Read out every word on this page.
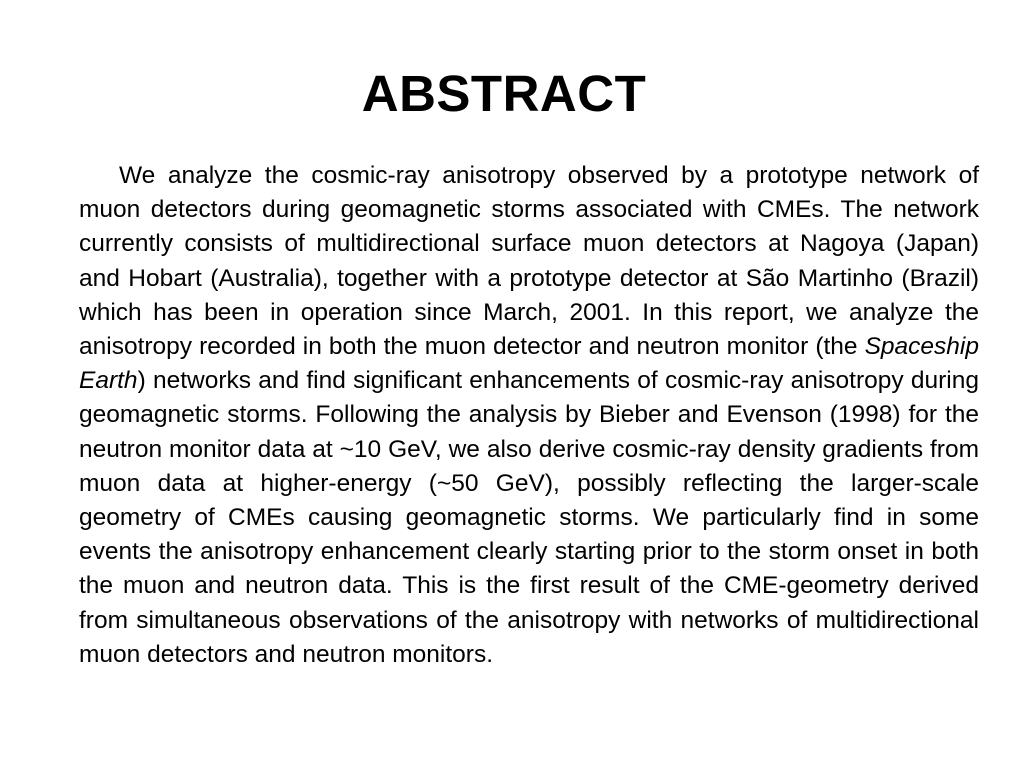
ABSTRACT

We analyze the cosmic-ray anisotropy observed by a prototype network of muon detectors during geomagnetic storms associated with CMEs. The network currently consists of multidirectional surface muon detectors at Nagoya (Japan) and Hobart (Australia), together with a prototype detector at São Martinho (Brazil) which has been in operation since March, 2001. In this report, we analyze the anisotropy recorded in both the muon detector and neutron monitor (the Spaceship Earth) networks and find significant enhancements of cosmic-ray anisotropy during geomagnetic storms. Following the analysis by Bieber and Evenson (1998) for the neutron monitor data at ~10 GeV, we also derive cosmic-ray density gradients from muon data at higher-energy (~50 GeV), possibly reflecting the larger-scale geometry of CMEs causing geomagnetic storms. We particularly find in some events the anisotropy enhancement clearly starting prior to the storm onset in both the muon and neutron data. This is the first result of the CME-geometry derived from simultaneous observations of the anisotropy with networks of multidirectional muon detectors and neutron monitors.
